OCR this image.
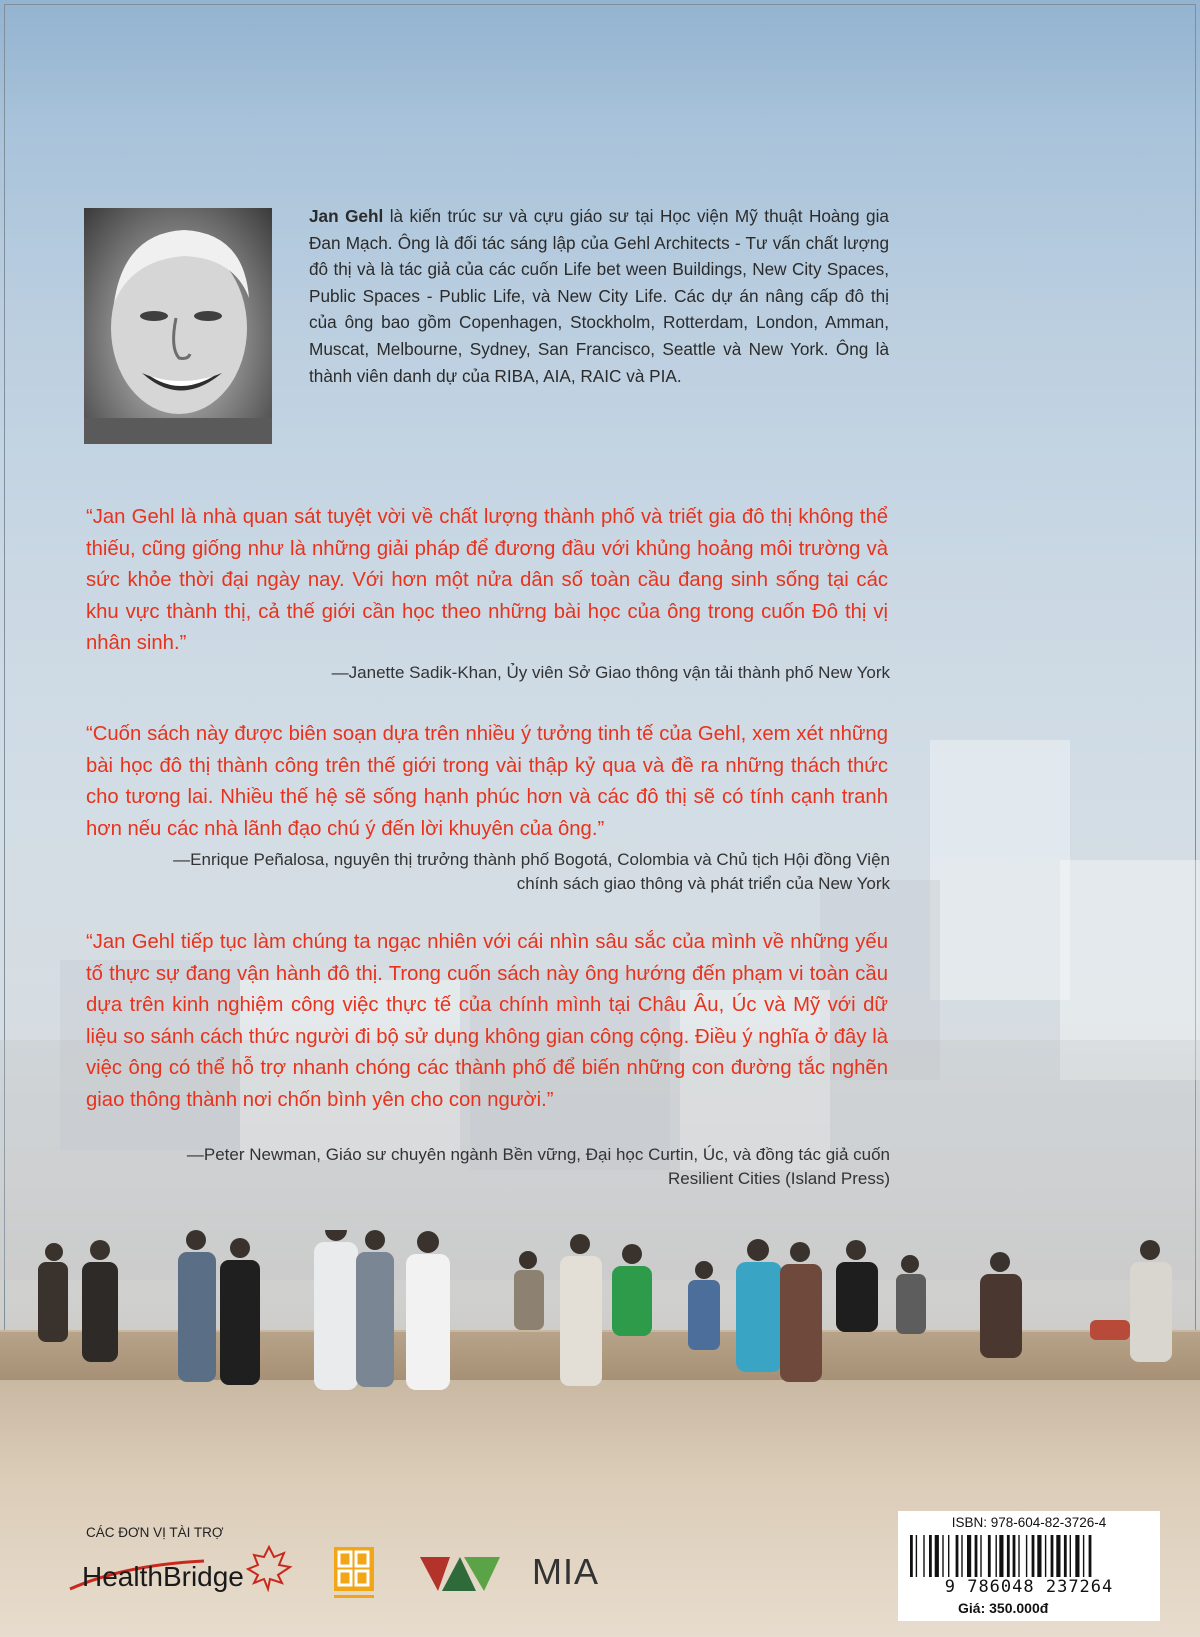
Jan Gehl là kiến trúc sư và cựu giáo sư tại Học viện Mỹ thuật Hoàng gia Đan Mạch. Ông là đối tác sáng lập của Gehl Architects - Tư vấn chất lượng đô thị và là tác giả của các cuốn Life bet ween Buildings, New City Spaces, Public Spaces - Public Life, và New City Life. Các dự án nâng cấp đô thị của ông bao gồm Copenhagen, Stockholm, Rotterdam, London, Amman, Muscat, Melbourne, Sydney, San Francisco, Seattle và New York. Ông là thành viên danh dự của RIBA, AIA, RAIC và PIA.

“Jan Gehl là nhà quan sát tuyệt vời về chất lượng thành phố và triết gia đô thị không thể thiếu, cũng giống như là những giải pháp để đương đầu với khủng hoảng môi trường và sức khỏe thời đại ngày nay. Với hơn một nửa dân số toàn cầu đang sinh sống tại các khu vực thành thị, cả thế giới cần học theo những bài học của ông trong cuốn Đô thị vị nhân sinh.”

—Janette Sadik-Khan, Ủy viên Sở Giao thông vận tải thành phố New York

“Cuốn sách này được biên soạn dựa trên nhiều ý tưởng tinh tế của Gehl, xem xét những bài học đô thị thành công trên thế giới trong vài thập kỷ qua và đề ra những thách thức cho tương lai. Nhiều thế hệ sẽ sống hạnh phúc hơn và các đô thị sẽ có tính cạnh tranh hơn nếu các nhà lãnh đạo chú ý đến lời khuyên của ông.”

—Enrique Peñalosa, nguyên thị trưởng thành phố Bogotá, Colombia và Chủ tịch Hội đồng Viện chính sách giao thông và phát triển của New York

“Jan Gehl tiếp tục làm chúng ta ngạc nhiên với cái nhìn sâu sắc của mình về những yếu tố thực sự đang vận hành đô thị. Trong cuốn sách này ông hướng đến phạm vi toàn cầu dựa trên kinh nghiệm công việc thực tế của chính mình tại Châu Âu, Úc và Mỹ với dữ liệu so sánh cách thức người đi bộ sử dụng không gian công cộng. Điều ý nghĩa ở đây là việc ông có thể hỗ trợ nhanh chóng các thành phố để biến những con đường tắc nghẽn giao thông thành nơi chốn bình yên cho con người.”

—Peter Newman, Giáo sư chuyên ngành Bền vững, Đại học Curtin, Úc, và đồng tác giả cuốn Resilient Cities (Island Press)

CÁC ĐƠN VỊ TÀI TRỢ

HealthBridge	MIA
ISBN: 978-604-82-3726-4
9 786048 237264
Giá: 350.000đ
